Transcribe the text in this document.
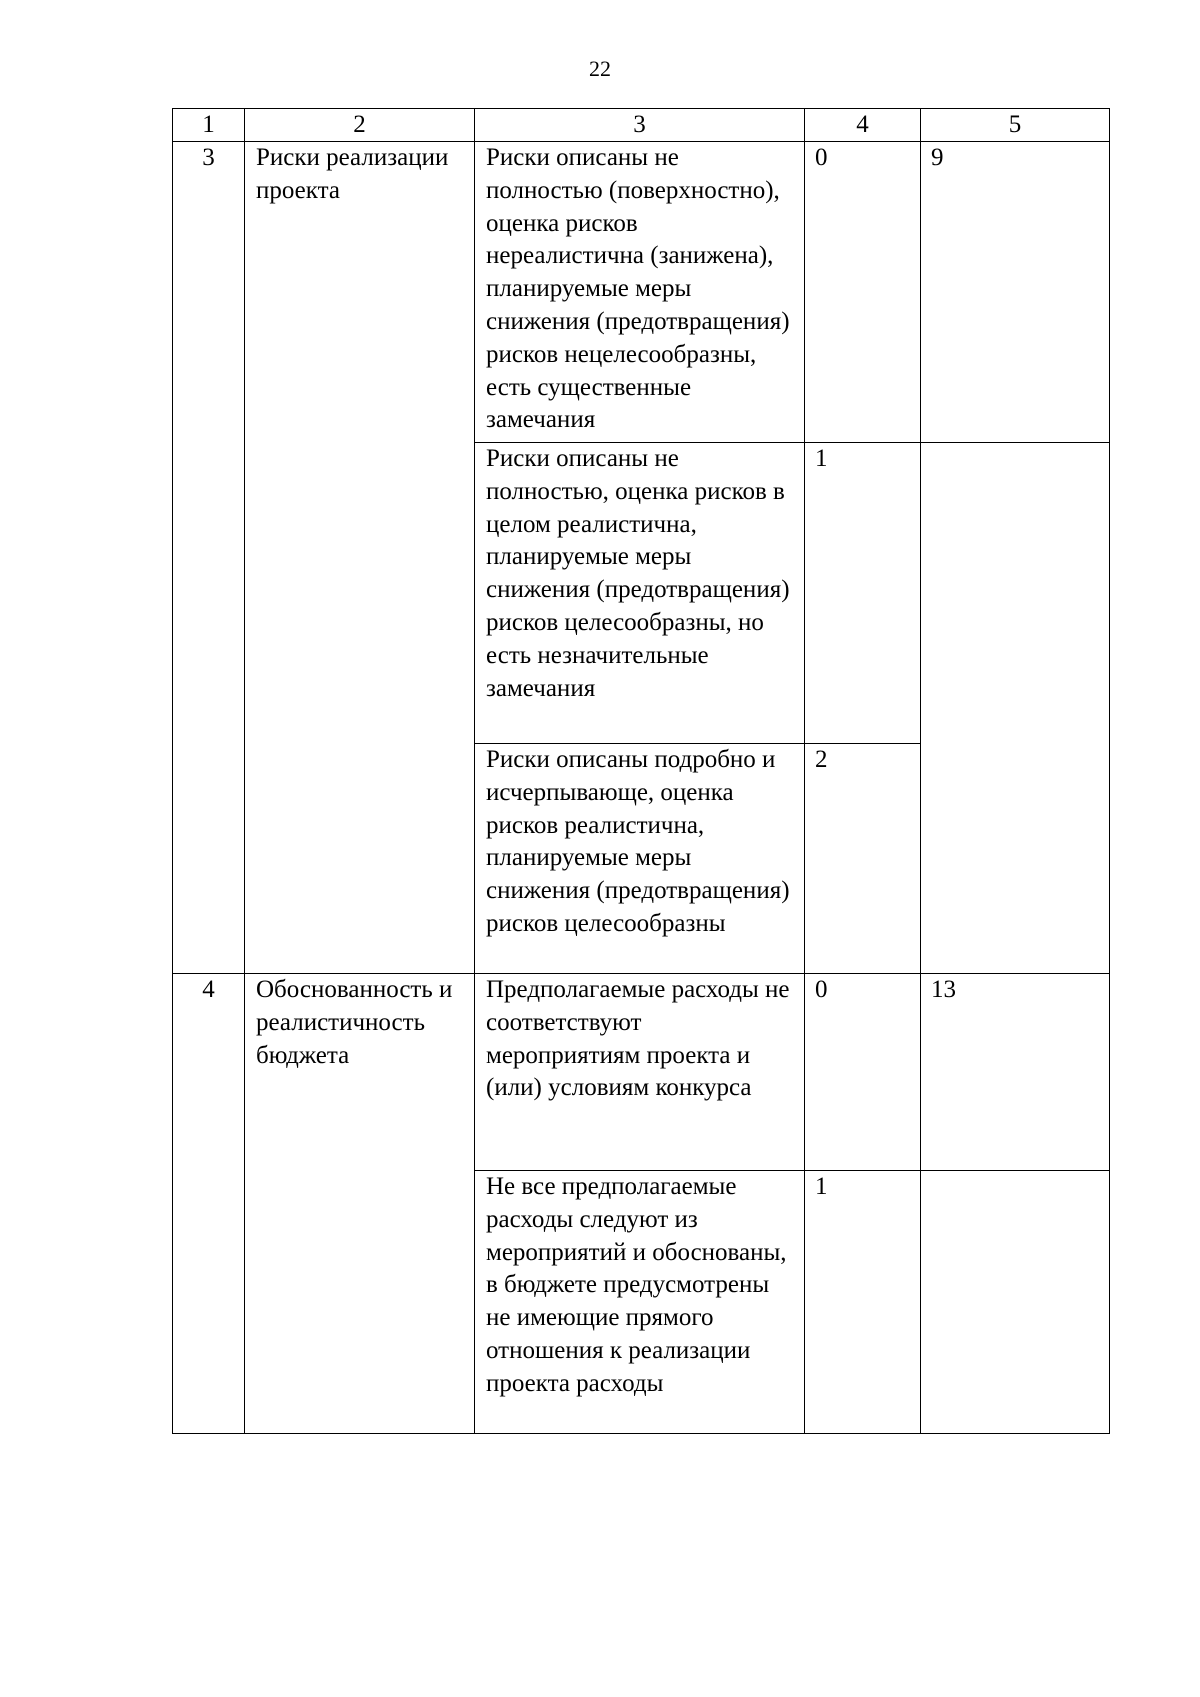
22
1	2	3	4	5
3	Риски реализации проекта	Риски описаны не полностью (поверхностно), оценка рисков нереалистична (занижена), планируемые меры снижения (предотвращения) рисков нецелесообразны, есть существенные замечания	0	9
		Риски описаны не полностью, оценка рисков в целом реалистична, планируемые меры снижения (предотвращения) рисков целесообразны, но есть незначительные замечания	1	
		Риски описаны подробно и исчерпывающе, оценка рисков реалистична, планируемые меры снижения (предотвращения) рисков целесообразны	2	
4	Обоснованность и реалистичность бюджета	Предполагаемые расходы не соответствуют мероприятиям проекта и (или) условиям конкурса	0	13
		Не все предполагаемые расходы следуют из мероприятий и обоснованы, в бюджете предусмотрены не имеющие прямого отношения к реализации проекта расходы	1	
